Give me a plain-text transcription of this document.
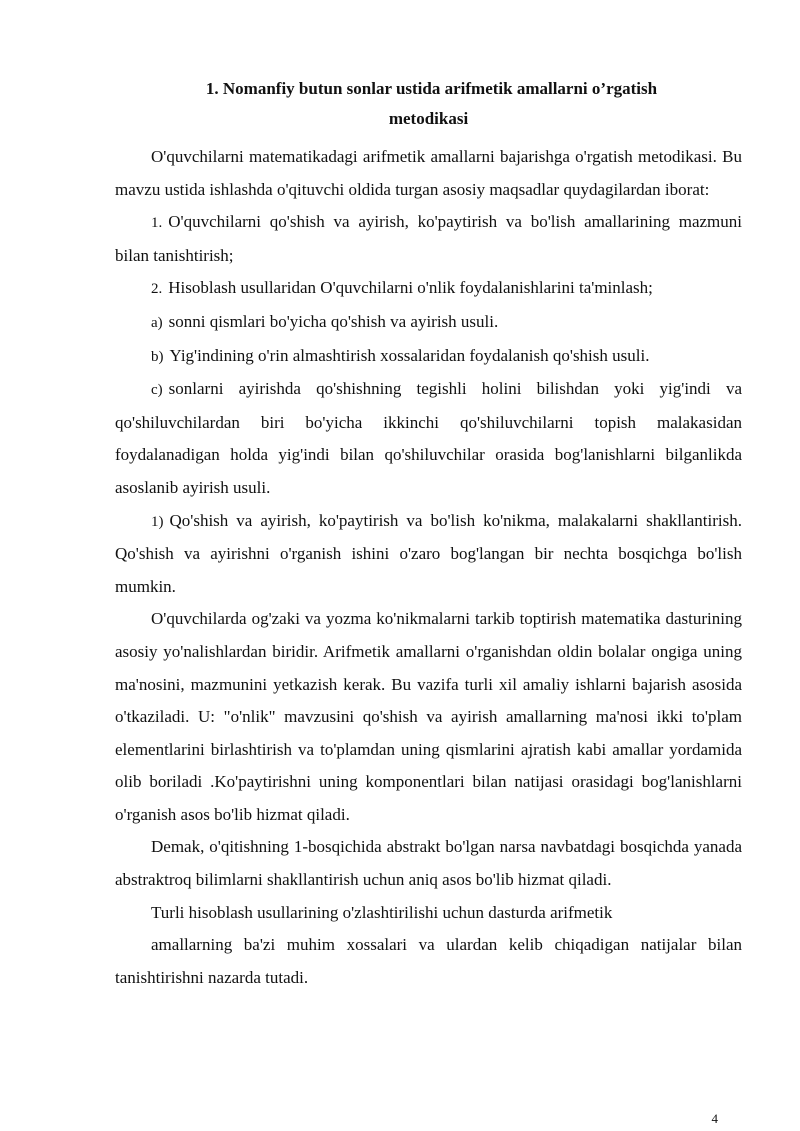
1. Nomanfiy butun sonlar ustida arifmetik amallarni o’rgatish
metodikasi

O'quvchilarni matematikadagi arifmetik amallarni bajarishga o'rgatish metodikasi. Bu mavzu ustida ishlashda o'qituvchi oldida turgan asosiy maqsadlar quydagilardan iborat:

1. O'quvchilarni qo'shish va ayirish, ko'paytirish va bo'lish amallarining mazmuni bilan tanishtirish;

2. Hisoblash usullaridan O'quvchilarni o'nlik foydalanishlarini ta'minlash;

a) sonni qismlari bo'yicha qo'shish va ayirish usuli.

b) Yig'indining o'rin almashtirish xossalaridan foydalanish qo'shish usuli.

c) sonlarni ayirishda qo'shishning tegishli holini bilishdan yoki yig'indi va qo'shiluvchilardan biri bo'yicha ikkinchi qo'shiluvchilarni topish malakasidan foydalanadigan holda yig'indi bilan qo'shiluvchilar orasida bog'lanishlarni bilganlikda asoslanib ayirish usuli.

1) Qo'shish va ayirish, ko'paytirish va bo'lish ko'nikma, malakalarni shakllantirish. Qo'shish va ayirishni o'rganish ishini o'zaro bog'langan bir nechta bosqichga bo'lish mumkin.

O'quvchilarda og'zaki va yozma ko'nikmalarni tarkib toptirish matematika dasturining asosiy yo'nalishlardan biridir. Arifmetik amallarni o'rganishdan oldin bolalar ongiga uning ma'nosini, mazmunini yetkazish kerak. Bu vazifa turli xil amaliy ishlarni bajarish asosida o'tkaziladi. U: "o'nlik" mavzusini qo'shish va ayirish amallarning ma'nosi ikki to'plam elementlarini birlashtirish va to'plamdan uning qismlarini ajratish kabi amallar yordamida olib boriladi .Ko'paytirishni uning komponentlari bilan natijasi orasidagi bog'lanishlarni o'rganish asos bo'lib hizmat qiladi.

Demak, o'qitishning 1-bosqichida abstrakt bo'lgan narsa navbatdagi bosqichda yanada abstraktroq bilimlarni shakllantirish uchun aniq asos bo'lib hizmat qiladi.

Turli hisoblash usullarining o'zlashtirilishi uchun dasturda arifmetik

amallarning ba'zi muhim xossalari va ulardan kelib chiqadigan natijalar bilan tanishtirishni nazarda tutadi.

4
